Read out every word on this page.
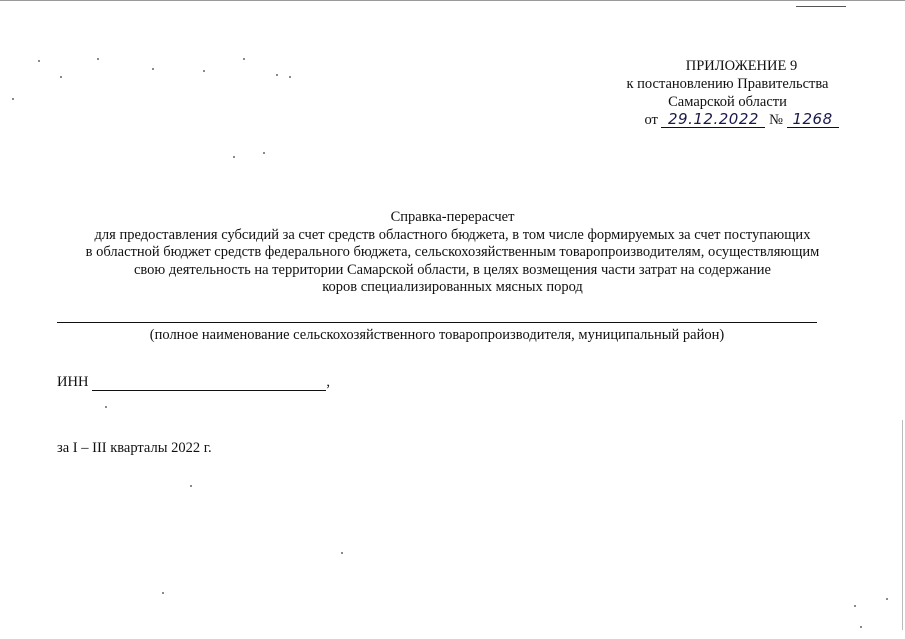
ПРИЛОЖЕНИЕ 9
к постановлению Правительства
Самарской области
от 29.12.2022 № 1268
Справка-перерасчет
для предоставления субсидий за счет средств областного бюджета, в том числе формируемых за счет поступающих
в областной бюджет средств федерального бюджета, сельскохозяйственным товаропроизводителям, осуществляющим
свою деятельность на территории Самарской области, в целях возмещения части затрат на содержание
коров специализированных мясных пород
(полное наименование сельскохозяйственного товаропроизводителя, муниципальный район)
ИНН	,
за I – III кварталы 2022 г.
